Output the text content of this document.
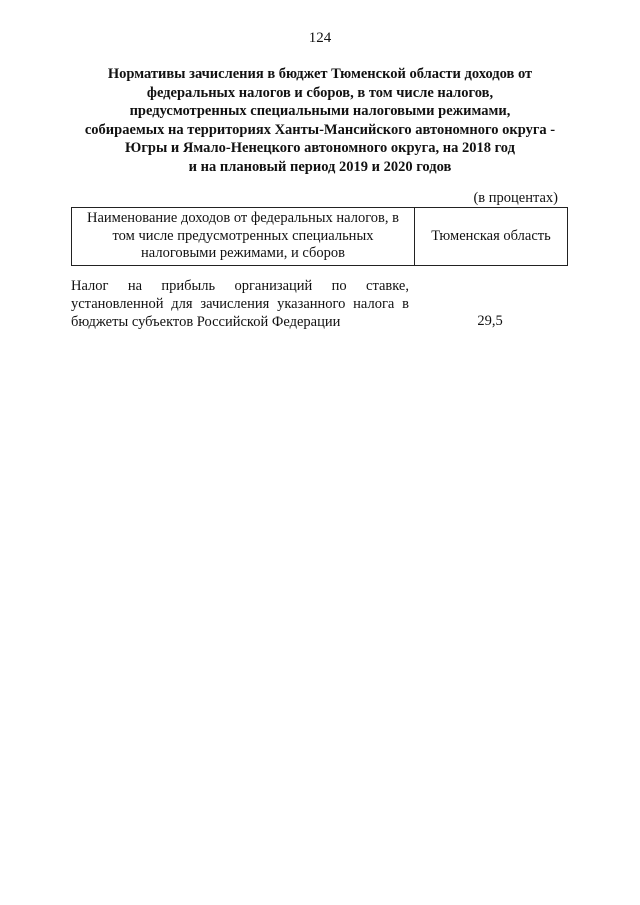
124
Нормативы зачисления в бюджет Тюменской области доходов от
федеральных налогов и сборов, в том числе налогов,
предусмотренных специальными налоговыми режимами,
собираемых на территориях Ханты-Мансийского автономного округа -
Югры и Ямало-Ненецкого автономного округа, на 2018 год
и на плановый период 2019 и 2020 годов
(в процентах)
Наименование доходов от федеральных налогов, в
том числе предусмотренных специальных
налоговыми режимами, и сборов
	Тюменская область
Налог на прибыль организаций по ставке,
установленной для зачисления указанного налога в
бюджеты субъектов Российской Федерации	29,5
